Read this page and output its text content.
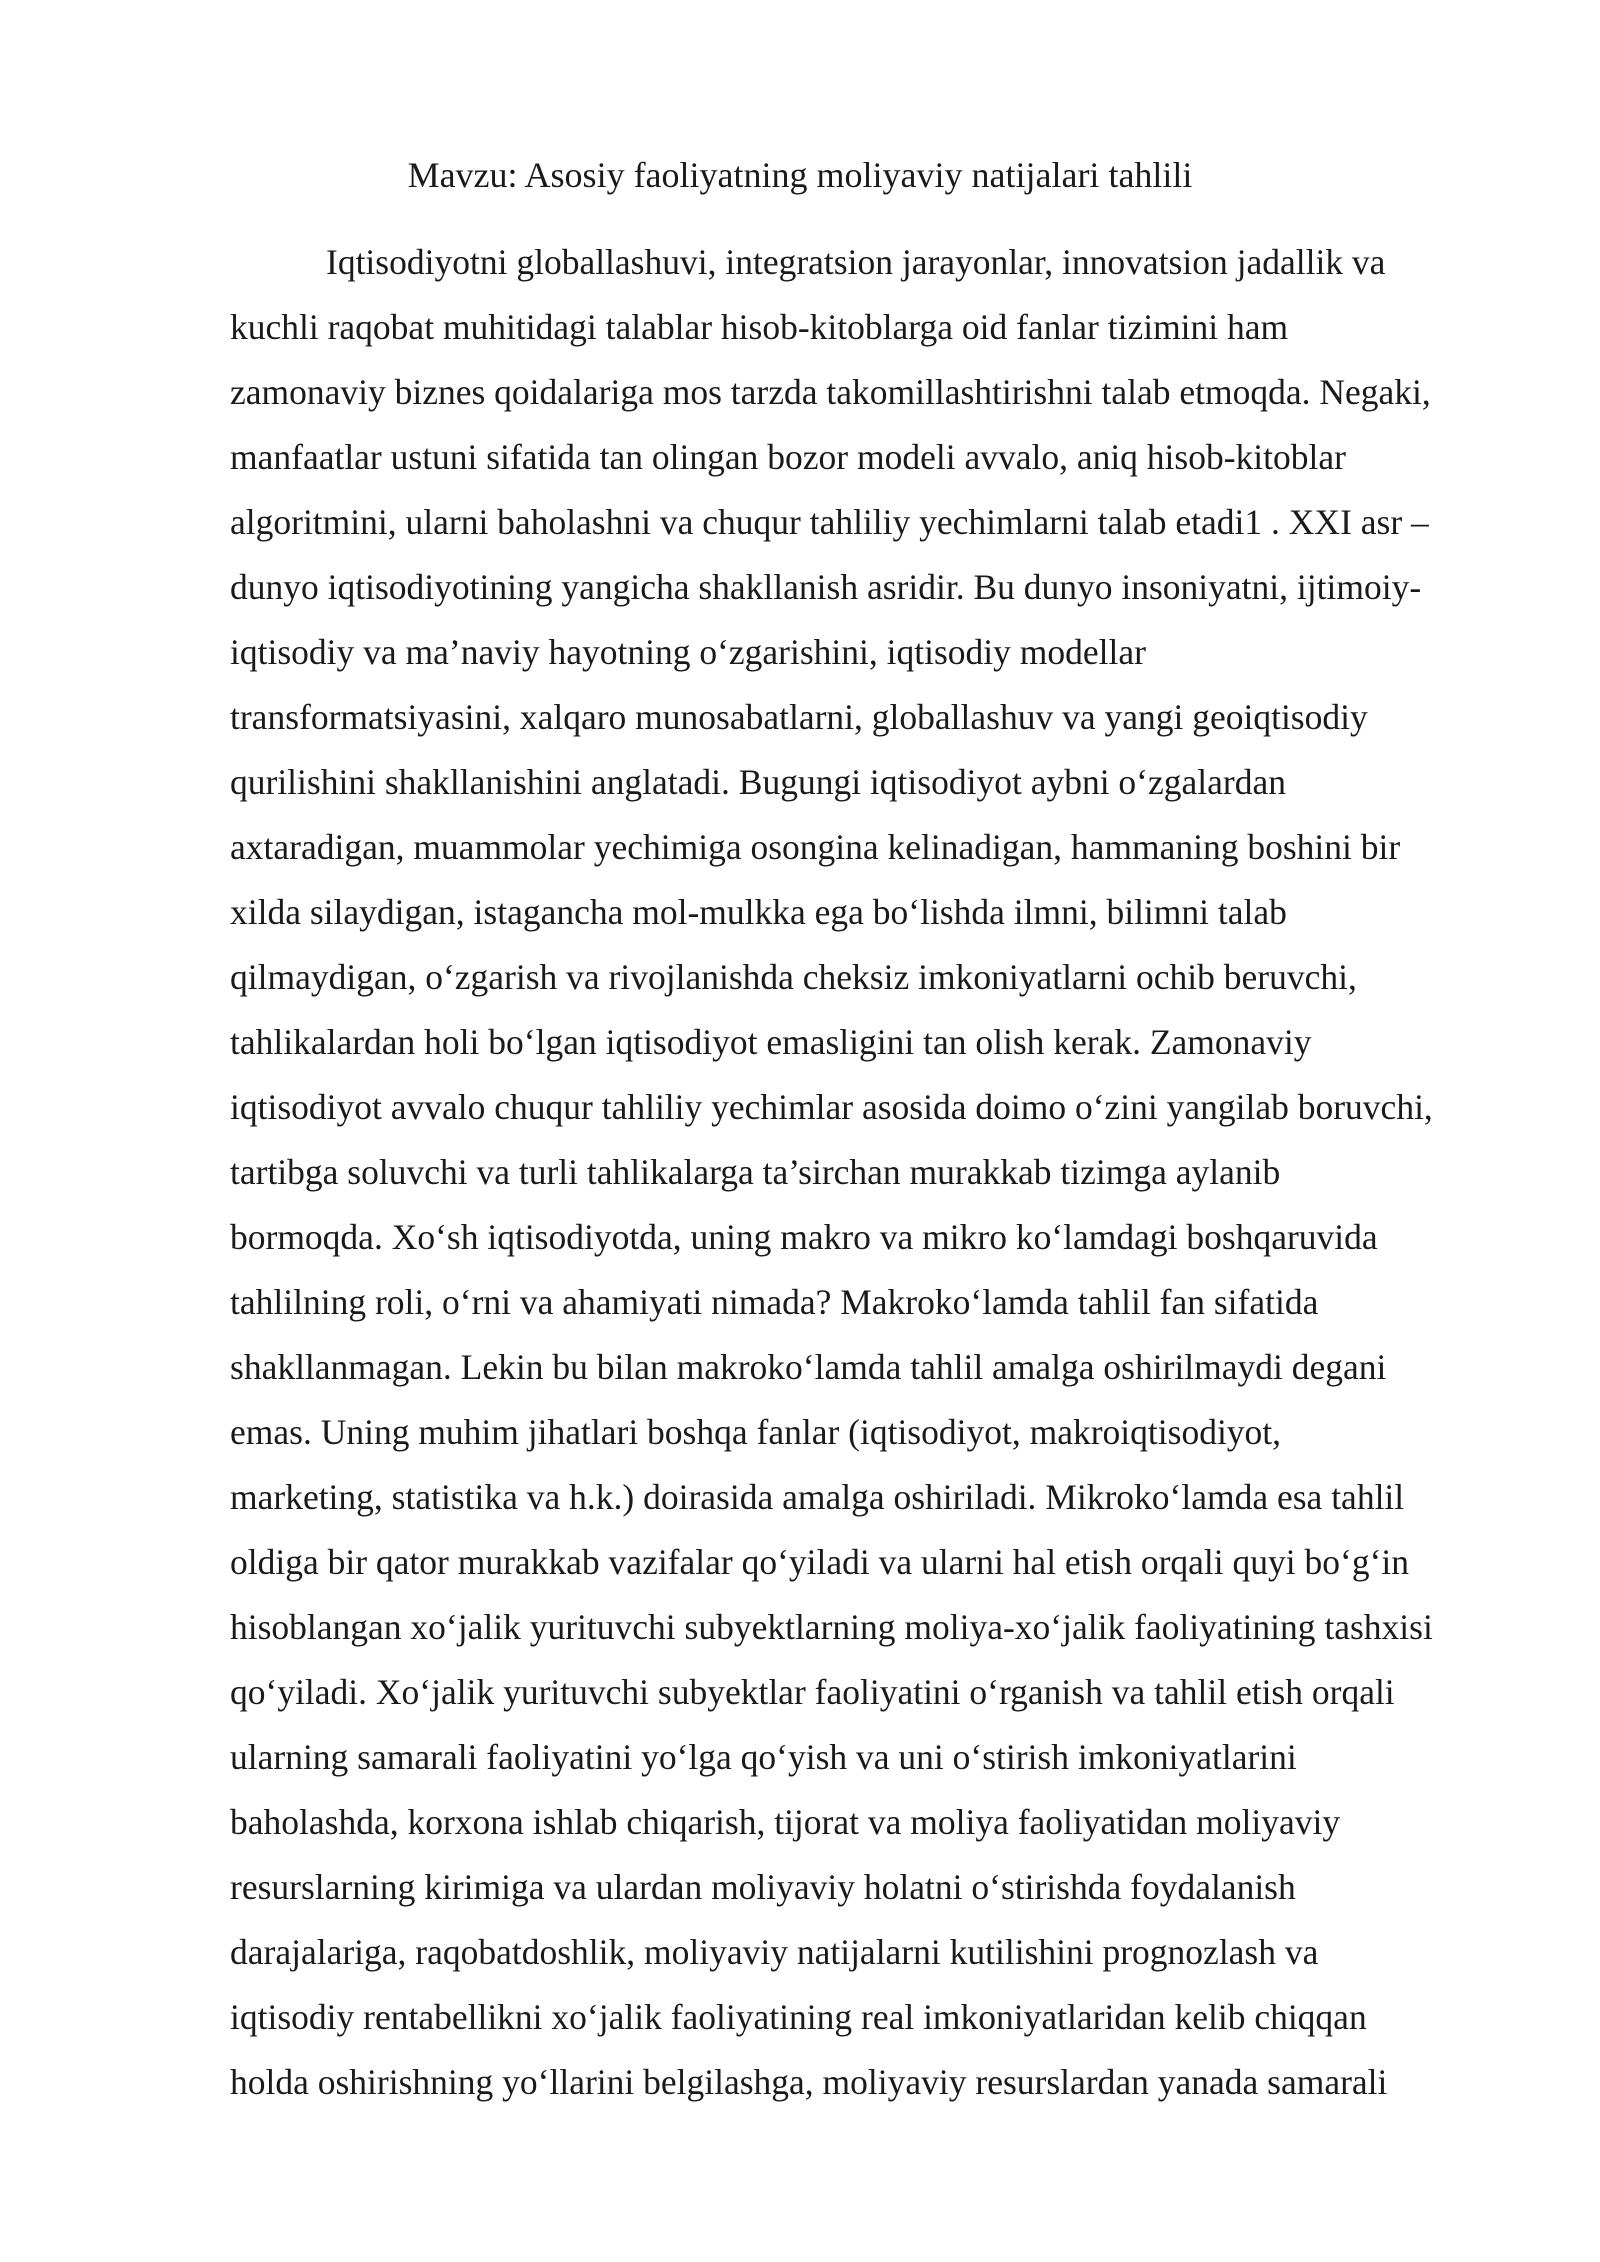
Mavzu: Asosiy faoliyatning moliyaviy natijalari tahlili
Iqtisodiyotni globallashuvi, integratsion jarayonlar, innovatsion jadallik va
kuchli raqobat muhitidagi talablar hisob-kitoblarga oid fanlar tizimini ham
zamonaviy biznes qoidalariga mos tarzda takomillashtirishni talab etmoqda. Negaki,
manfaatlar ustuni sifatida tan olingan bozor modeli avvalo, aniq hisob-kitoblar
algoritmini, ularni baholashni va chuqur tahliliy yechimlarni talab etadi1 . XXI asr –
dunyo iqtisodiyotining yangicha shakllanish asridir. Bu dunyo insoniyatni, ijtimoiy-
iqtisodiy va ma’naviy hayotning o‘zgarishini, iqtisodiy modellar
transformatsiyasini, xalqaro munosabatlarni, globallashuv va yangi geoiqtisodiy
qurilishini shakllanishini anglatadi. Bugungi iqtisodiyot aybni o‘zgalardan
axtaradigan, muammolar yechimiga osongina kelinadigan, hammaning boshini bir
xilda silaydigan, istagancha mol-mulkka ega bo‘lishda ilmni, bilimni talab
qilmaydigan, o‘zgarish va rivojlanishda cheksiz imkoniyatlarni ochib beruvchi,
tahlikalardan holi bo‘lgan iqtisodiyot emasligini tan olish kerak. Zamonaviy
iqtisodiyot avvalo chuqur tahliliy yechimlar asosida doimo o‘zini yangilab boruvchi,
tartibga soluvchi va turli tahlikalarga ta’sirchan murakkab tizimga aylanib
bormoqda. Xo‘sh iqtisodiyotda, uning makro va mikro ko‘lamdagi boshqaruvida
tahlilning roli, o‘rni va ahamiyati nimada? Makroko‘lamda tahlil fan sifatida
shakllanmagan. Lekin bu bilan makroko‘lamda tahlil amalga oshirilmaydi degani
emas. Uning muhim jihatlari boshqa fanlar (iqtisodiyot, makroiqtisodiyot,
marketing, statistika va h.k.) doirasida amalga oshiriladi. Mikroko‘lamda esa tahlil
oldiga bir qator murakkab vazifalar qo‘yiladi va ularni hal etish orqali quyi bo‘g‘in
hisoblangan xo‘jalik yurituvchi subyektlarning moliya-xo‘jalik faoliyatining tashxisi
qo‘yiladi. Xo‘jalik yurituvchi subyektlar faoliyatini o‘rganish va tahlil etish orqali
ularning samarali faoliyatini yo‘lga qo‘yish va uni o‘stirish imkoniyatlarini
baholashda, korxona ishlab chiqarish, tijorat va moliya faoliyatidan moliyaviy
resurslarning kirimiga va ulardan moliyaviy holatni o‘stirishda foydalanish
darajalariga, raqobatdoshlik, moliyaviy natijalarni kutilishini prognozlash va
iqtisodiy rentabellikni xo‘jalik faoliyatining real imkoniyatlaridan kelib chiqqan
holda oshirishning yo‘llarini belgilashga, moliyaviy resurslardan yanada samarali
